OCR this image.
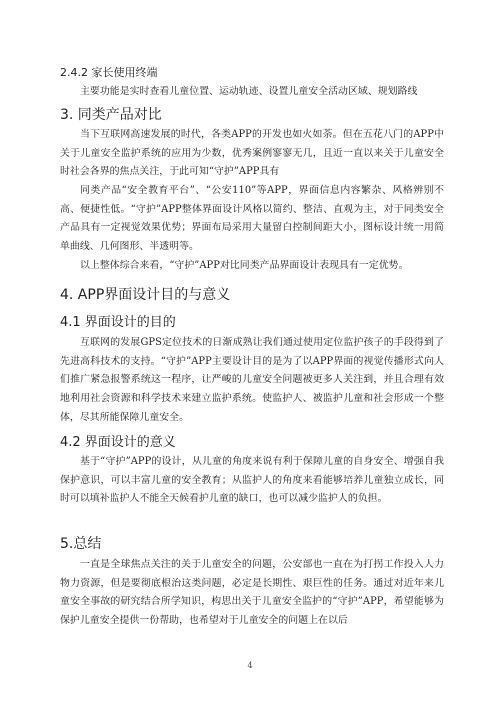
2.4.2 家长使用终端

主要功能是实时查看儿童位置、运动轨迹、设置儿童安全活动区域、规划路线

3. 同类产品对比

当下互联网高速发展的时代，各类APP的开发也如火如荼。但在五花八门的APP中关于儿童安全监护系统的应用为少数，优秀案例寥寥无几，且近一直以来关于儿童安全时社会各界的焦点关注，于此可知“守护”APP具有

同类产品“安全教育平台”、“公安110”等APP，界面信息内容繁杂、风格辨别不高、便捷性低。“守护”APP整体界面设计风格以简约、整洁、直观为主，对于同类安全产品具有一定视觉效果优势；界面布局采用大量留白控制间距大小，图标设计统一用简单曲线、几何图形、半透明等。

以上整体综合来看，“守护”APP对比同类产品界面设计表现具有一定优势。

4. APP界面设计目的与意义
4.1 界面设计的目的

互联网的发展GPS定位技术的日渐成熟让我们通过使用定位监护孩子的手段得到了先进高科技术的支持。“守护”APP主要设计目的是为了以APP界面的视觉传播形式向人们推广紧急报警系统这一程序，让严峻的儿童安全问题被更多人关注到，并且合理有效地利用社会资源和科学技术来建立监护系统。使监护人、被监护儿童和社会形成一个整体，尽其所能保障儿童安全。

4.2 界面设计的意义

基于“守护”APP的设计，从儿童的角度来说有利于保障儿童的自身安全、增强自我保护意识，可以丰富儿童的安全教育；从监护人的角度来看能够培养儿童独立成长，同时可以填补监护人不能全天候看护儿童的缺口，也可以减少监护人的负担。

5.总结

一直是全球焦点关注的关于儿童安全的问题，公安部也一直在为打拐工作投入人力物力资源，但是要彻底根治这类问题，必定是长期性、艰巨性的任务。通过对近年来儿童安全事故的研究结合所学知识，构思出关于儿童安全监护的“守护”APP，希望能够为保护儿童安全提供一份帮助，也希望对于儿童安全的问题上在以后

4
